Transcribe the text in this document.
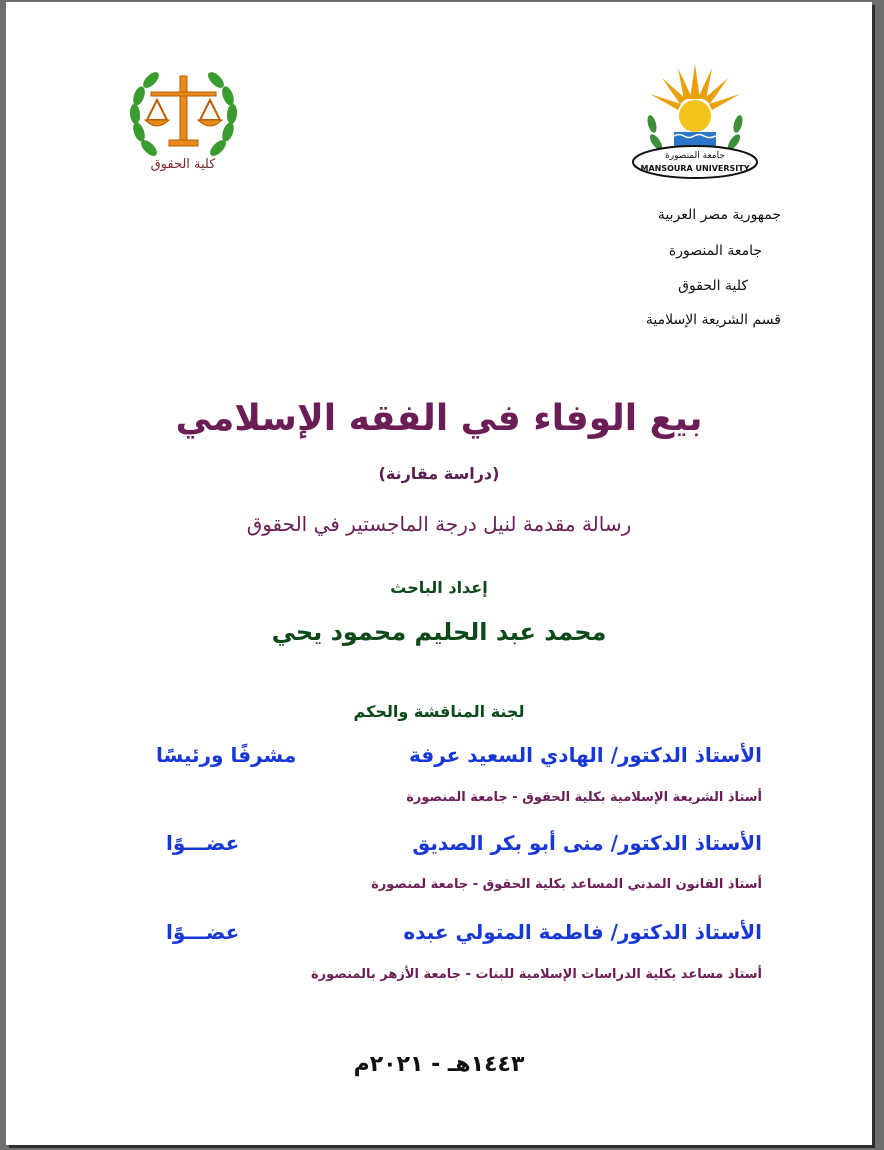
كلية الحقوق
جامعة المنصورة
MANSOURA UNIVERSITY
جمهورية مصر العربية
جامعة المنصورة
كلية الحقوق
قسم الشريعة الإسلامية
بيع الوفاء في الفقه الإسلامي
(دراسة مقارنة)
رسالة مقدمة لنيل درجة الماجستير في الحقوق
إعداد الباحث
محمد عبد الحليم محمود يحي
لجنة المناقشة والحكم
الأستاذ الدكتور/ الهادي السعيد عرفة
مشرفًا ورئيسًا
أستاذ الشريعة الإسلامية بكلية الحقوق - جامعة المنصورة
الأستاذ الدكتور/ منى أبو بكر الصديق
عضـــوًا
أستاذ القانون المدني المساعد بكلية الحقوق - جامعة لمنصورة
الأستاذ الدكتور/ فاطمة المتولي عبده
عضـــوًا
أستاذ مساعد بكلية الدراسات الإسلامية للبنات - جامعة الأزهر بالمنصورة
١٤٤٣هـ - ٢٠٢١م
